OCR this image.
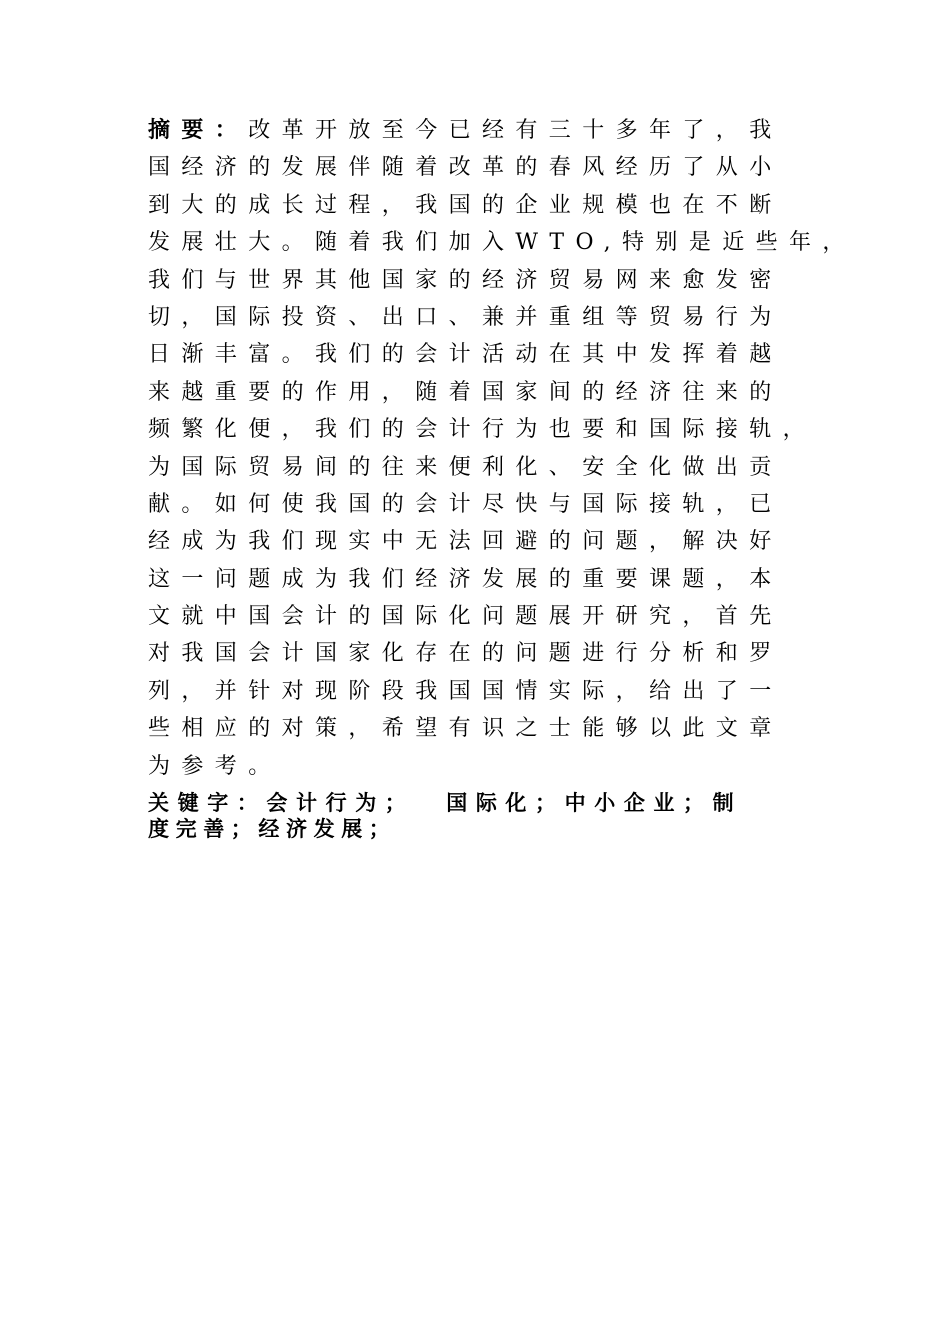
摘要：改革开放至今已经有三十多年了，我
国经济的发展伴随着改革的春风经历了从小
到大的成长过程，我国的企业规模也在不断
发展壮大。随着我们加入WTO,特别是近些年，
我们与世界其他国家的经济贸易网来愈发密
切，国际投资、出口、兼并重组等贸易行为
日渐丰富。我们的会计活动在其中发挥着越
来越重要的作用，随着国家间的经济往来的
频繁化便，我们的会计行为也要和国际接轨，
为国际贸易间的往来便利化、安全化做出贡
献。如何使我国的会计尽快与国际接轨，已
经成为我们现实中无法回避的问题，解决好
这一问题成为我们经济发展的重要课题，本
文就中国会计的国际化问题展开研究，首先
对我国会计国家化存在的问题进行分析和罗
列，并针对现阶段我国国情实际，给出了一
些相应的对策，希望有识之士能够以此文章
为参考。
关键字：会计行为；  国际化；中小企业；制
度完善；经济发展；
